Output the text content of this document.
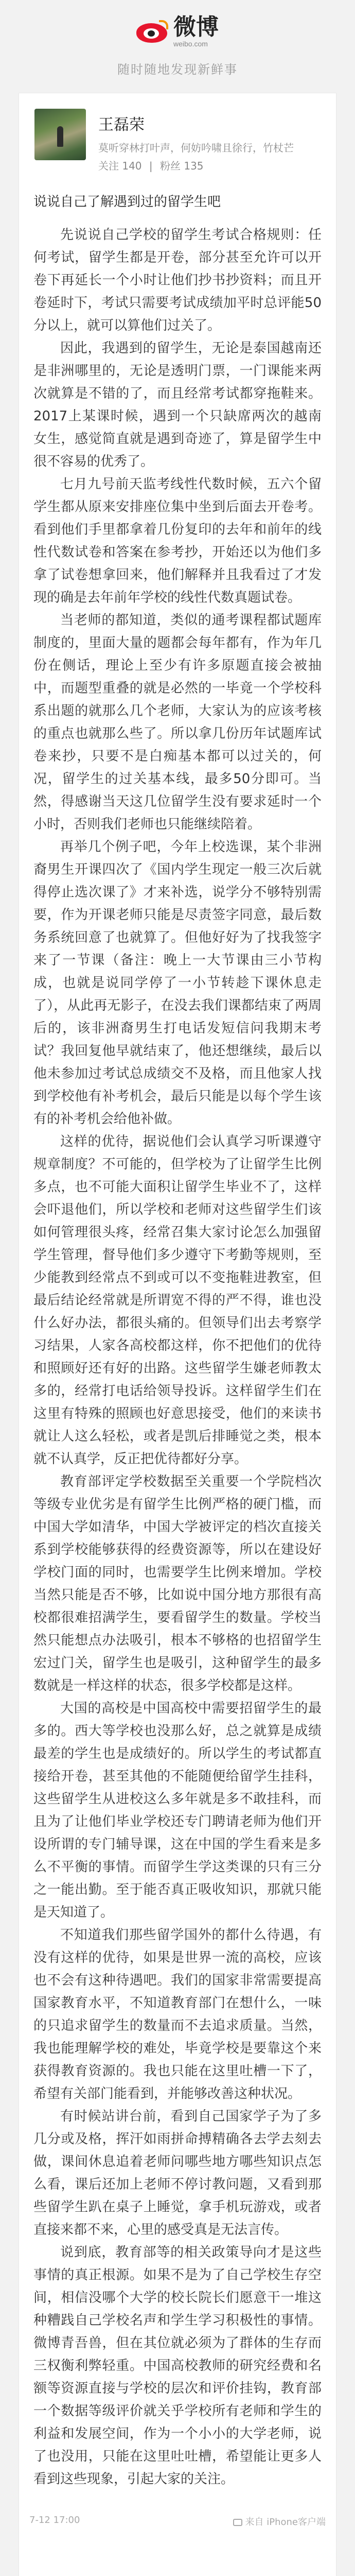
微博
weibo.com
随时随地发现新鲜事
王磊荣
莫听穿林打叶声，何妨吟啸且徐行，竹杖芒
关注 140 | 粉丝 135
说说自己了解遇到过的留学生吧

先说说自己学校的留学生考试合格规则：任何考试，留学生都是开卷，部分甚至允许可以开卷下再延长一个小时让他们抄书抄资料；而且开卷延时下，考试只需要考试成绩加平时总评能50分以上，就可以算他们过关了。

因此，我遇到的留学生，无论是泰国越南还是非洲哪里的，无论是透明门票，一门课能来两次就算是不错的了，而且经常考试都穿拖鞋来。2017上某课时候，遇到一个只缺席两次的越南女生，感觉简直就是遇到奇迹了，算是留学生中很不容易的优秀了。

七月九号前天监考线性代数时候，五六个留学生都从原来安排座位集中坐到后面去开卷考。看到他们手里都拿着几份复印的去年和前年的线性代数试卷和答案在参考抄，开始还以为他们多拿了试卷想拿回来，他们解释并且我看过了才发现的确是去年前年学校的线性代数真题试卷。

当老师的都知道，类似的通考课程都试题库制度的，里面大量的题都会每年都有，作为年几份在侧话，理论上至少有许多原题直接会被抽中，而题型重叠的就是必然的一毕竟一个学校科系出题的就那么几个老师，大家认为的应该考核的重点也就那么些了。所以拿几份历年试题库试卷来抄，只要不是白痴基本都可以过关的，何况，留学生的过关基本线，最多50分即可。当然，得感谢当天这几位留学生没有要求延时一个小时，否则我们老师也只能继续陪着。

再举几个例子吧，今年上校选课，某个非洲裔男生开课四次了《国内学生现定一般三次后就得停止选次课了》才来补选，说学分不够特别需要，作为开课老师只能是尽责签字同意，最后数务系统回意了也就算了。但他好好为了找我签字来了一节课（备注：晚上一大节课由三小节构成，也就是说同学停了一小节转趁下课休息走了），从此再无影子，在没去我们课都结束了两周后的，该非洲裔男生打电话发短信问我期末考试？我回复他早就结束了，他还想继续，最后以他未参加过考试总成绩交不及格，而且他家人找到学校他有补考机会，最后只能是以每个学生该有的补考机会给他补做。

这样的优待，据说他们会认真学习听课遵守规章制度？不可能的，但学校为了让留学生比例多点，也不可能大面积让留学生毕业不了，这样会吓退他们，所以学校和老师对这些留学生们该如何管理很头疼，经常召集大家讨论怎么加强留学生管理，督导他们多少遵守下考勤等规则，至少能教到经常点不到或可以不变拖鞋进教室，但最后结论经常就是所谓宽不得的严不得，谁也没什么好办法，都很头痛的。但领导们出去考察学习结果，人家各高校都这样，你不把他们的优待和照顾好还有好的出路。这些留学生嫌老师教太多的，经常打电话给领导投诉。这样留学生们在这里有特殊的照顾也好意思接受，他们的来读书就让人这么轻松，或者是凯后排睡觉之类，根本就不认真学，反正把优待都好分享。

教育部评定学校数据至关重要一个学院档次等级专业优劣是有留学生比例严格的硬门槛，而中国大学如清华，中国大学被评定的档次直接关系到学校能够获得的经费资源等，所以在建设好学校门面的同时，也需要学生比例来增加。学校当然只能是否不够，比如说中国分地方那很有高校都很难招满学生，要看留学生的数量。学校当然只能想点办法吸引，根本不够格的也招留学生宏过门关，留学生也是吸引，这种留学生的最多数就是一样这样的状态，很多学校都是这样。

大国的高校是中国高校中需要招留学生的最多的。西大等学校也没那么好，总之就算是成绩最差的学生也是成绩好的。所以学生的考试都直接给开卷，甚至其他的不能随便给留学生挂科，这些留学生从进校这么多年就是多不敢挂科，而且为了让他们毕业学校还专门聘请老师为他们开设所谓的专门辅导课，这在中国的学生看来是多么不平衡的事情。而留学生学这类课的只有三分之一能出勤。至于能否真正吸收知识，那就只能是天知道了。

不知道我们那些留学国外的都什么待遇，有没有这样的优待，如果是世界一流的高校，应该也不会有这种待遇吧。我们的国家非常需要提高国家教育水平，不知道教育部门在想什么，一味的只追求留学生的数量而不去追求质量。当然，我也能理解学校的难处，毕竟学校是要靠这个来获得教育资源的。我也只能在这里吐槽一下了，希望有关部门能看到，并能够改善这种状况。

有时候站讲台前，看到自己国家学子为了多几分或及格，挥汗如雨拼命搏精确各去学去刻去做，课间休息追着老师问哪些地方哪些知识点怎么看，课后还加上老师不停讨教问题，又看到那些留学生趴在桌子上睡觉，拿手机玩游戏，或者直接来都不来，心里的感受真是无法言传。

说到底，教育部等的相关政策导向才是这些事情的真正根源。如果不是为了自己学校生存空间，相信没哪个大学的校长院长们愿意干一堆这种糟践自己学校名声和学生学习积极性的事情。微博青吾兽，但在其位就必须为了群体的生存而三权衡利弊轻重。中国高校教师的研究经费和名额等资源直接与学校的层次和评价挂钩，教育部一个数据等级评价就关乎学校所有老师和学生的利益和发展空间，作为一个小小的大学老师，说了也没用，只能在这里吐吐槽，希望能让更多人看到这些现象，引起大家的关注。

7-12 17:00	来自 iPhone客户端
